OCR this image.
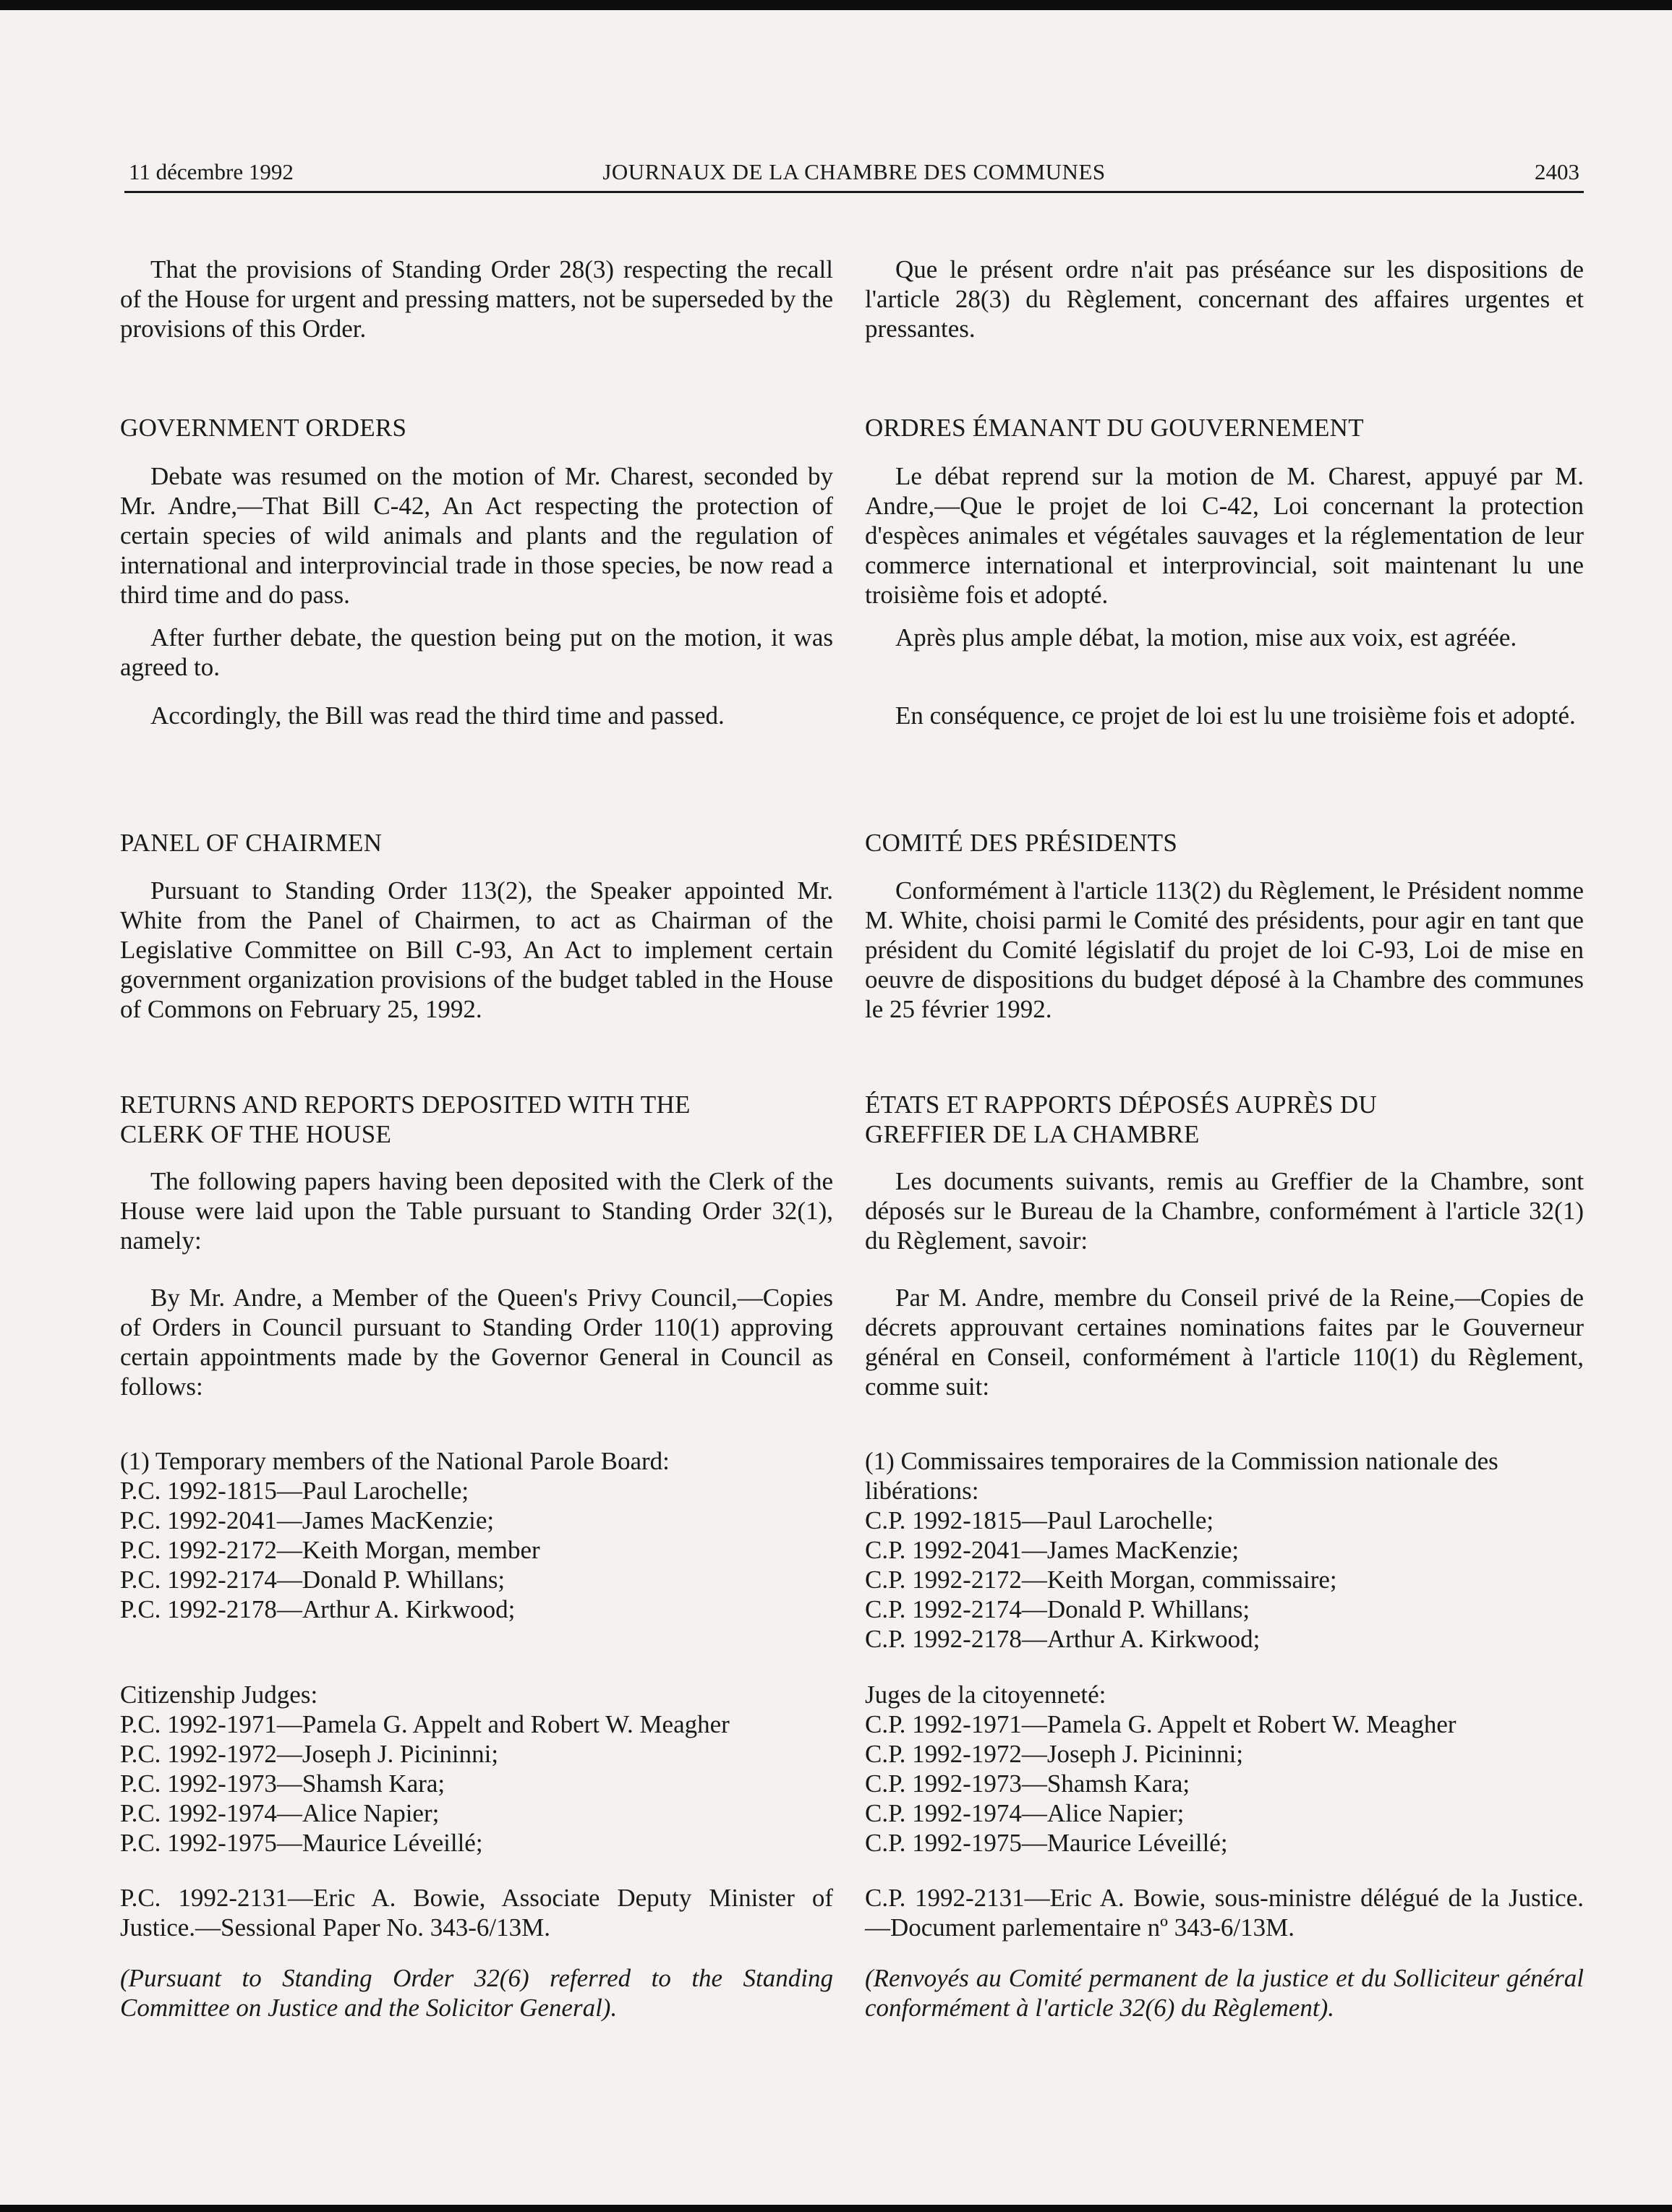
11 décembre 1992	JOURNAUX DE LA CHAMBRE DES COMMUNES	2403

That the provisions of Standing Order 28(3) respecting the recall of the House for urgent and pressing matters, not be superseded by the provisions of this Order.

GOVERNMENT ORDERS

Debate was resumed on the motion of Mr. Charest, seconded by Mr. Andre,—That Bill C-42, An Act respecting the protection of certain species of wild animals and plants and the regulation of international and interprovincial trade in those species, be now read a third time and do pass.

After further debate, the question being put on the motion, it was agreed to.

Accordingly, the Bill was read the third time and passed.

PANEL OF CHAIRMEN

Pursuant to Standing Order 113(2), the Speaker appointed Mr. White from the Panel of Chairmen, to act as Chairman of the Legislative Committee on Bill C-93, An Act to implement certain government organization provisions of the budget tabled in the House of Commons on February 25, 1992.

RETURNS AND REPORTS DEPOSITED WITH THE

CLERK OF THE HOUSE

The following papers having been deposited with the Clerk of the House were laid upon the Table pursuant to Standing Order 32(1), namely:

By Mr. Andre, a Member of the Queen's Privy Council,—Copies of Orders in Council pursuant to Standing Order 110(1) approving certain appointments made by the Governor General in Council as follows:

(1) Temporary members of the National Parole Board:
P.C. 1992-1815—Paul Larochelle;
P.C. 1992-2041—James MacKenzie;
P.C. 1992-2172—Keith Morgan, member
P.C. 1992-2174—Donald P. Whillans;
P.C. 1992-2178—Arthur A. Kirkwood;
Citizenship Judges:
P.C. 1992-1971—Pamela G. Appelt and Robert W. Meagher
P.C. 1992-1972—Joseph J. Picininni;
P.C. 1992-1973—Shamsh Kara;
P.C. 1992-1974—Alice Napier;
P.C. 1992-1975—Maurice Léveillé;

P.C. 1992-2131—Eric A. Bowie, Associate Deputy Minister of Justice.—Sessional Paper No. 343-6/13M.

(Pursuant to Standing Order 32(6) referred to the Standing Committee on Justice and the Solicitor General).

Que le présent ordre n'ait pas préséance sur les dispositions de l'article 28(3) du Règlement, concernant des affaires urgentes et pressantes.

ORDRES ÉMANANT DU GOUVERNEMENT

Le débat reprend sur la motion de M. Charest, appuyé par M. Andre,—Que le projet de loi C-42, Loi concernant la protection d'espèces animales et végétales sauvages et la réglementation de leur commerce international et interprovincial, soit maintenant lu une troisième fois et adopté.

Après plus ample débat, la motion, mise aux voix, est agréée.

En conséquence, ce projet de loi est lu une troisième fois et adopté.

COMITÉ DES PRÉSIDENTS

Conformément à l'article 113(2) du Règlement, le Président nomme M. White, choisi parmi le Comité des présidents, pour agir en tant que président du Comité législatif du projet de loi C-93, Loi de mise en oeuvre de dispositions du budget déposé à la Chambre des communes le 25 février 1992.

ÉTATS ET RAPPORTS DÉPOSÉS AUPRÈS DU

GREFFIER DE LA CHAMBRE

Les documents suivants, remis au Greffier de la Chambre, sont déposés sur le Bureau de la Chambre, conformément à l'article 32(1) du Règlement, savoir:

Par M. Andre, membre du Conseil privé de la Reine,—Copies de décrets approuvant certaines nominations faites par le Gouverneur général en Conseil, conformément à l'article 110(1) du Règlement, comme suit:

(1) Commissaires temporaires de la Commission nationale des libérations:
C.P. 1992-1815—Paul Larochelle;
C.P. 1992-2041—James MacKenzie;
C.P. 1992-2172—Keith Morgan, commissaire;
C.P. 1992-2174—Donald P. Whillans;
C.P. 1992-2178—Arthur A. Kirkwood;
Juges de la citoyenneté:
C.P. 1992-1971—Pamela G. Appelt et Robert W. Meagher
C.P. 1992-1972—Joseph J. Picininni;
C.P. 1992-1973—Shamsh Kara;
C.P. 1992-1974—Alice Napier;
C.P. 1992-1975—Maurice Léveillé;

C.P. 1992-2131—Eric A. Bowie, sous-ministre délégué de la Justice.—Document parlementaire nº 343-6/13M.

(Renvoyés au Comité permanent de la justice et du Solliciteur général conformément à l'article 32(6) du Règlement).
